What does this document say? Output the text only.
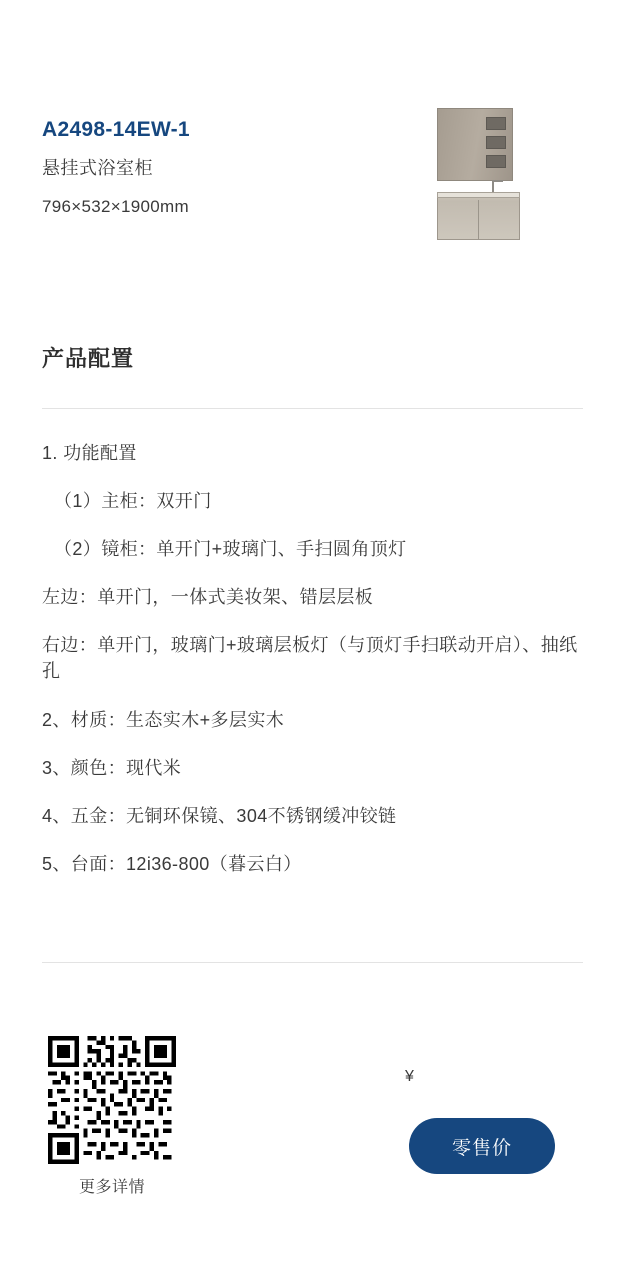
A2498-14EW-1
悬挂式浴室柜
796×532×1900mm
产品配置
1. 功能配置
（1）主柜：双开门
（2）镜柜：单开门+玻璃门、手扫圆角顶灯
左边：单开门，一体式美妆架、错层层板
右边：单开门，玻璃门+玻璃层板灯（与顶灯手扫联动开启）、抽纸孔
2、材质：生态实木+多层实木
3、颜色：现代米
4、五金：无铜环保镜、304不锈钢缓冲铰链
5、台面：12i36-800（暮云白）
更多详情
¥
零售价
